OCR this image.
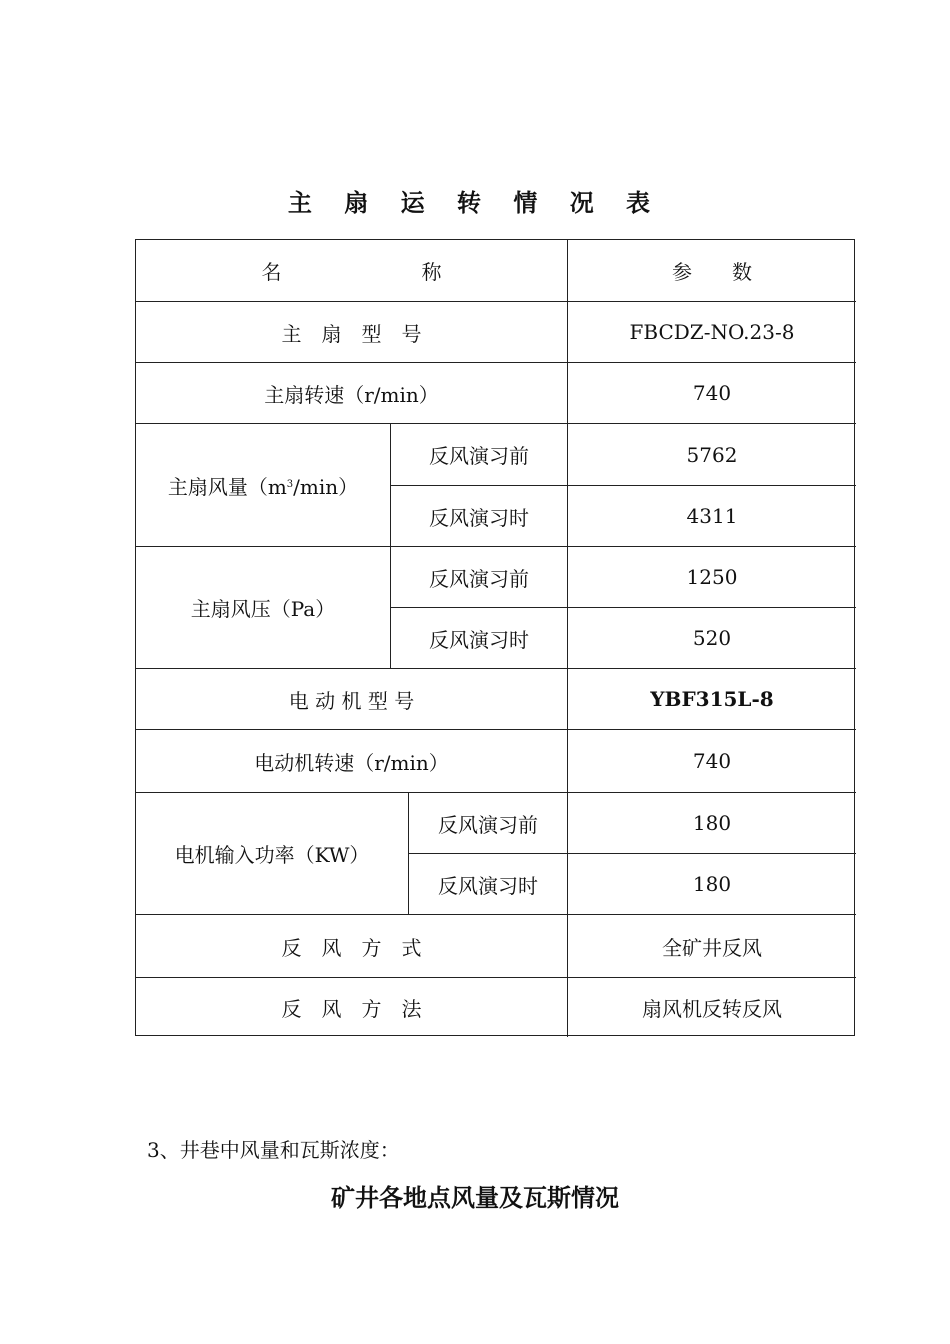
主 扇 运 转 情 况 表
名　　　　　　　称	参　　数
主　扇　型　号	FBCDZ-NO.23-8
主扇转速（r/min）	740
主扇风量（m 3 /min）
反风演习前	5762
反风演习时	4311
主扇风压（Pa）
反风演习前	1250
反风演习时	520
电 动 机 型 号	YBF315L-8
电动机转速（r/min）	740
电机输入功率（KW）
反风演习前	180
反风演习时	180
反　风　方　式	全矿井反风
反　风　方　法	扇风机反转反风
3、井巷中风量和瓦斯浓度：
矿井各地点风量及瓦斯情况
